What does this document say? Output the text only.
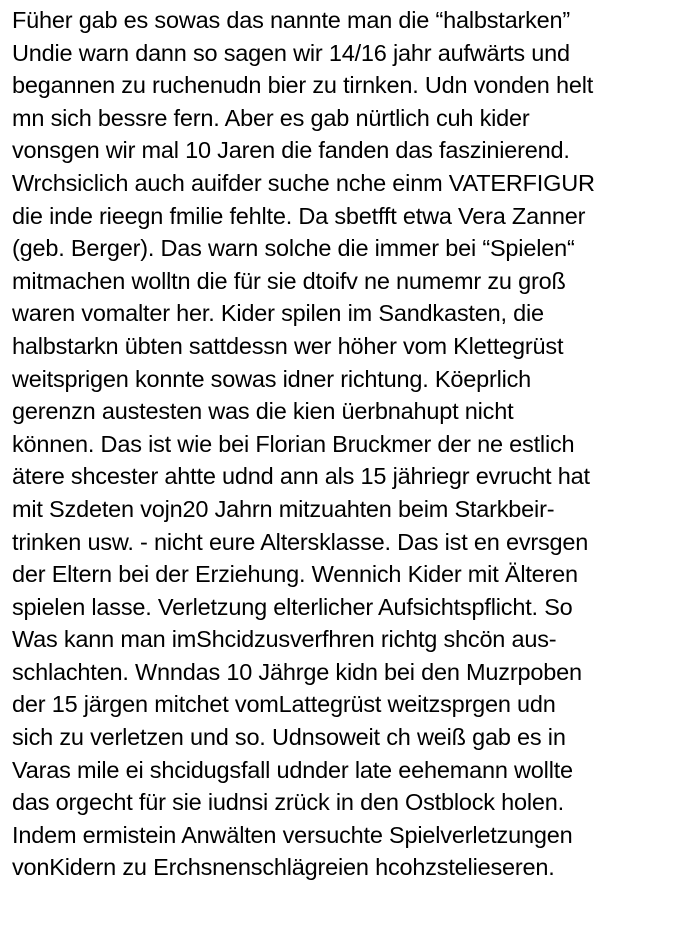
Füher gab es sowas das nannte man die “halbstarken”
Undie warn dann so sagen wir 14/16 jahr aufwärts und
begannen zu ruchenudn bier zu tirnken. Udn vonden helt
mn sich bessre fern. Aber es gab nürtlich cuh kider
vonsgen wir mal 10 Jaren die fanden das faszinierend.
Wrchsiclich auch auifder suche nche einm VATERFIGUR
die inde rieegn fmilie fehlte. Da sbetfft etwa Vera Zanner
(geb. Berger). Das warn solche die immer bei “Spielen“
mitmachen wolltn die für sie dtoifv ne numemr zu groß
waren vomalter her. Kider spilen im Sandkasten, die
halbstarkn übten sattdessn wer höher vom Klettegrüst
weitsprigen konnte sowas idner richtung. Köeprlich
gerenzn austesten was die kien üerbnahupt nicht
können. Das ist wie bei Florian Bruckmer der ne estlich
ätere shcester ahtte udnd ann als 15 jähriegr evrucht hat
mit Szdeten vojn20 Jahrn mitzuahten beim Starkbeir-
trinken usw. - nicht eure Altersklasse. Das ist en evrsgen
der Eltern bei der Erziehung. Wennich Kider mit Älteren
spielen lasse. Verletzung elterlicher Aufsichtspflicht. So
Was kann man imShcidzusverfhren richtg shcön aus-
schlachten. Wnndas 10 Jährge kidn bei den Muzrpoben
der 15 järgen mitchet vomLattegrüst weitzsprgen udn
sich zu verletzen und so. Udnsoweit ch weiß gab es in
Varas mile ei shcidugsfall udnder late eehemann wollte
das orgecht für sie iudnsi zrück in den Ostblock holen.
Indem ermistein Anwälten versuchte Spielverletzungen
vonKidern zu Erchsnenschlägreien hcohzstelieseren.
